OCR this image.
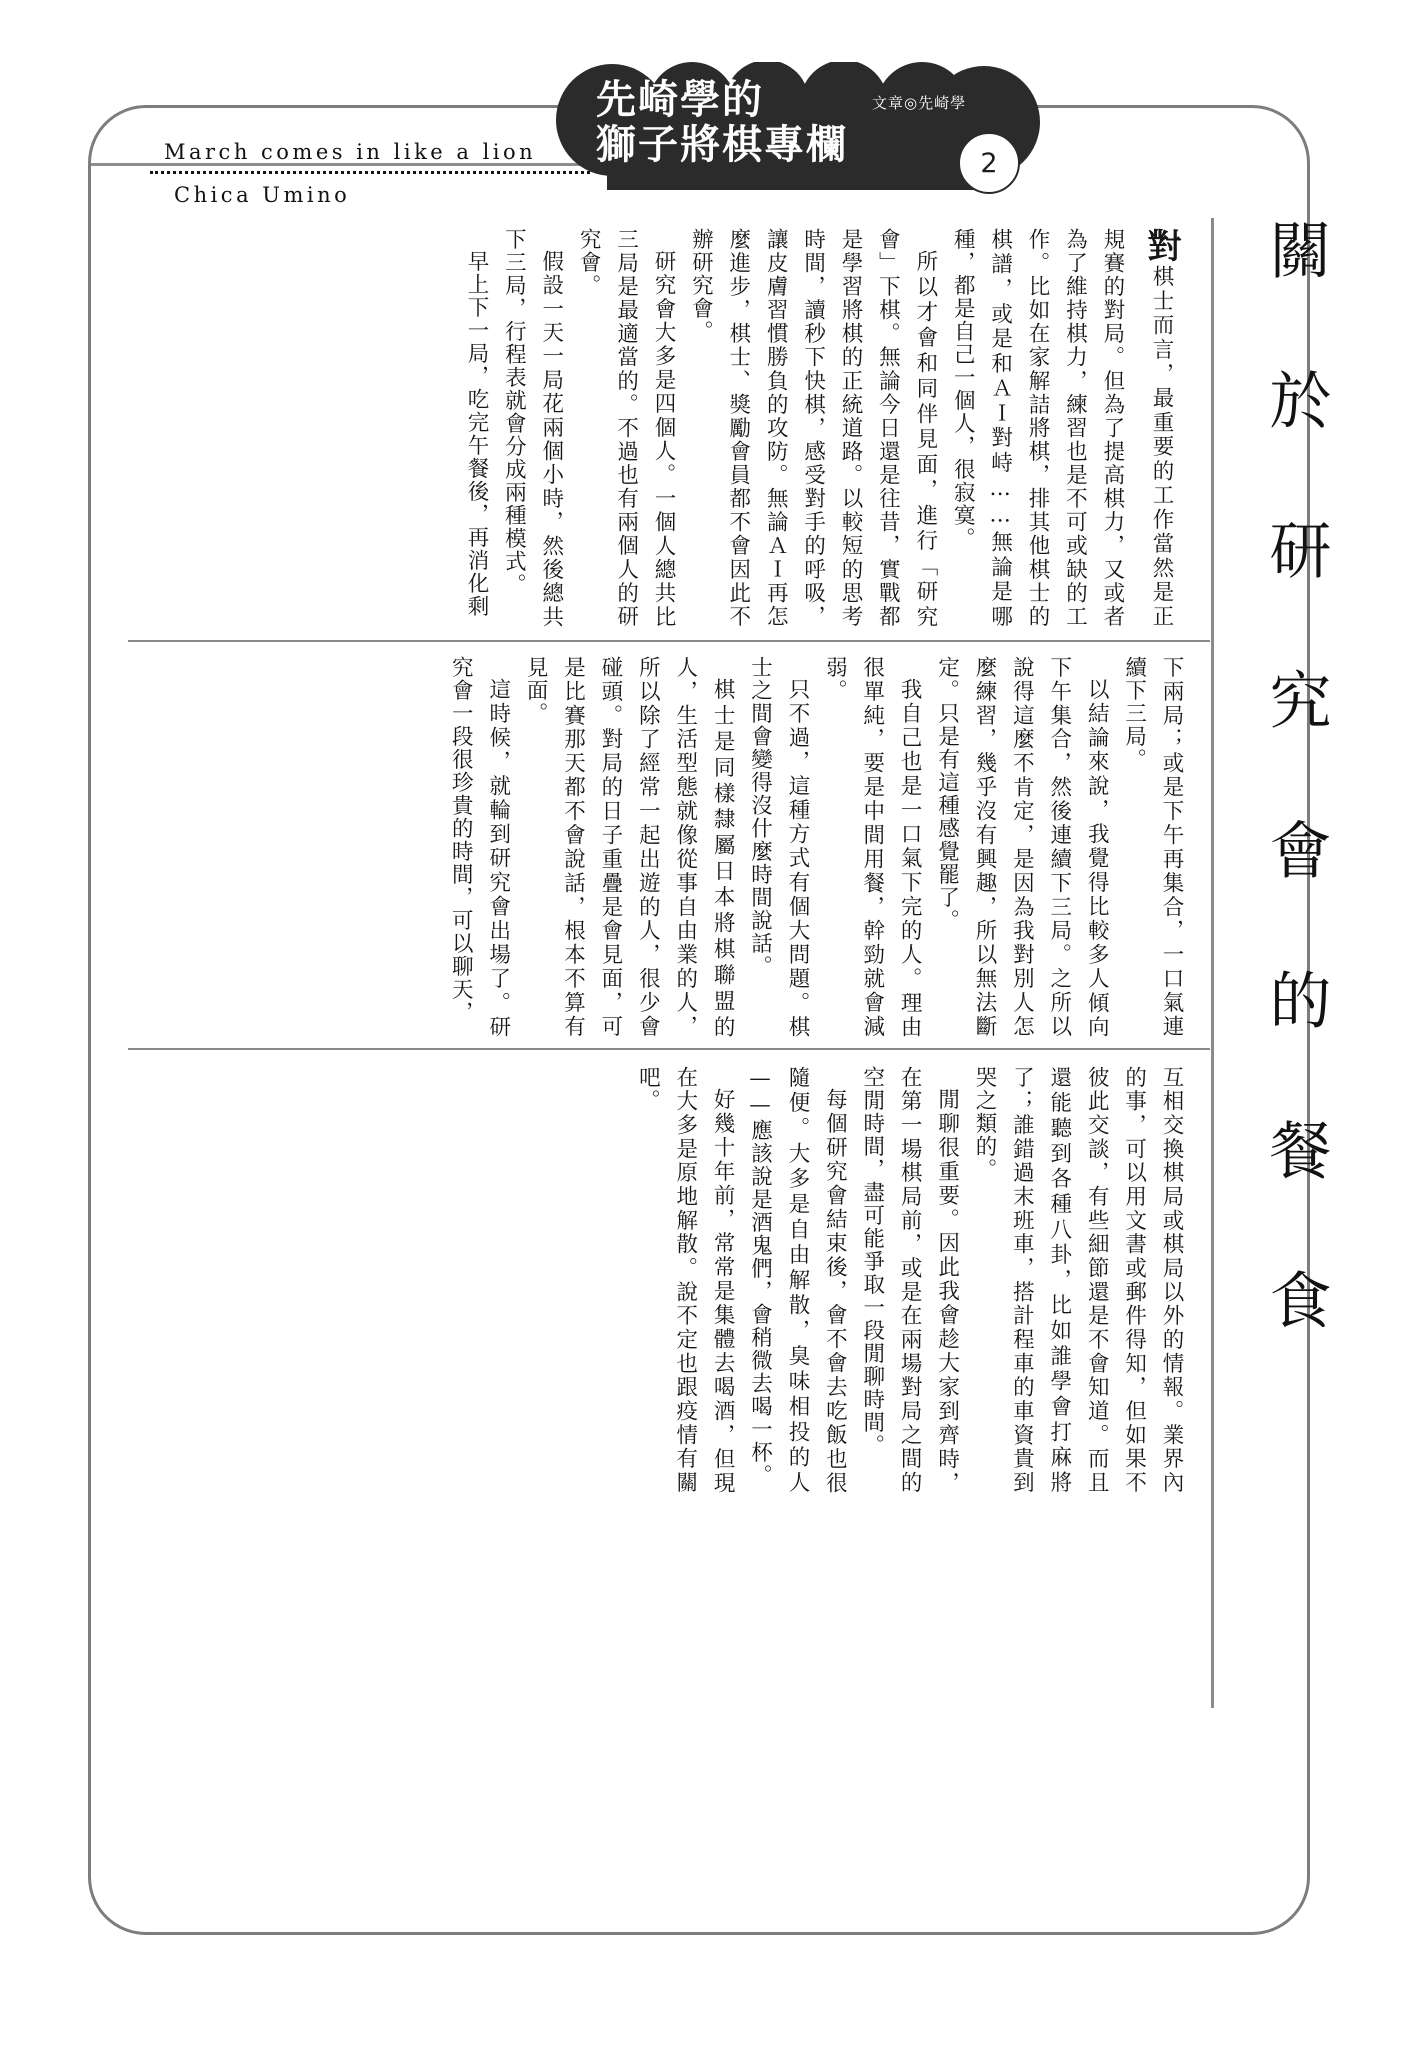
March comes in like a lion
Chica Umino
先崎學的
獅子將棋專欄
文章◎先崎學
2
關於研究會的餐食

對棋士而言，最重要的工作當然是正規賽的對局。但為了提高棋力，又或者為了維持棋力，練習也是不可或缺的工作。比如在家解詰將棋，排其他棋士的棋譜，或是和ＡＩ對峙……無論是哪種，都是自己一個人，很寂寞。

所以才會和同伴見面，進行「研究會」下棋。無論今日還是往昔，實戰都是學習將棋的正統道路。以較短的思考時間，讀秒下快棋，感受對手的呼吸，讓皮膚習慣勝負的攻防。無論ＡＩ再怎麼進步，棋士、獎勵會員都不會因此不辦研究會。

研究會大多是四個人。一個人總共比三局是最適當的。不過也有兩個人的研究會。

假設一天一局花兩個小時，然後總共下三局，行程表就會分成兩種模式。

早上下一局，吃完午餐後，再消化剩

下兩局；或是下午再集合，一口氣連續下三局。

以結論來說，我覺得比較多人傾向下午集合，然後連續下三局。之所以說得這麼不肯定，是因為我對別人怎麼練習，幾乎沒有興趣，所以無法斷定。只是有這種感覺罷了。

我自己也是一口氣下完的人。理由很單純，要是中間用餐，幹勁就會減弱。

只不過，這種方式有個大問題。棋士之間會變得沒什麼時間說話。

棋士是同樣隸屬日本將棋聯盟的人，生活型態就像從事自由業的人，所以除了經常一起出遊的人，很少會碰頭。對局的日子重疊是會見面，可是比賽那天都不會說話，根本不算有見面。

這時候，就輪到研究會出場了。研究會一段很珍貴的時間，可以聊天，

互相交換棋局或棋局以外的情報。業界內的事，可以用文書或郵件得知，但如果不彼此交談，有些細節還是不會知道。而且還能聽到各種八卦，比如誰學會打麻將了；誰錯過末班車，搭計程車的車資貴到哭之類的。

閒聊很重要。因此我會趁大家到齊時，在第一場棋局前，或是在兩場對局之間的空閒時間，盡可能爭取一段閒聊時間。

每個研究會結束後，會不會去吃飯也很隨便。大多是自由解散，臭味相投的人——應該說是酒鬼們，會稍微去喝一杯。

好幾十年前，常常是集體去喝酒，但現在大多是原地解散。說不定也跟疫情有關吧。
